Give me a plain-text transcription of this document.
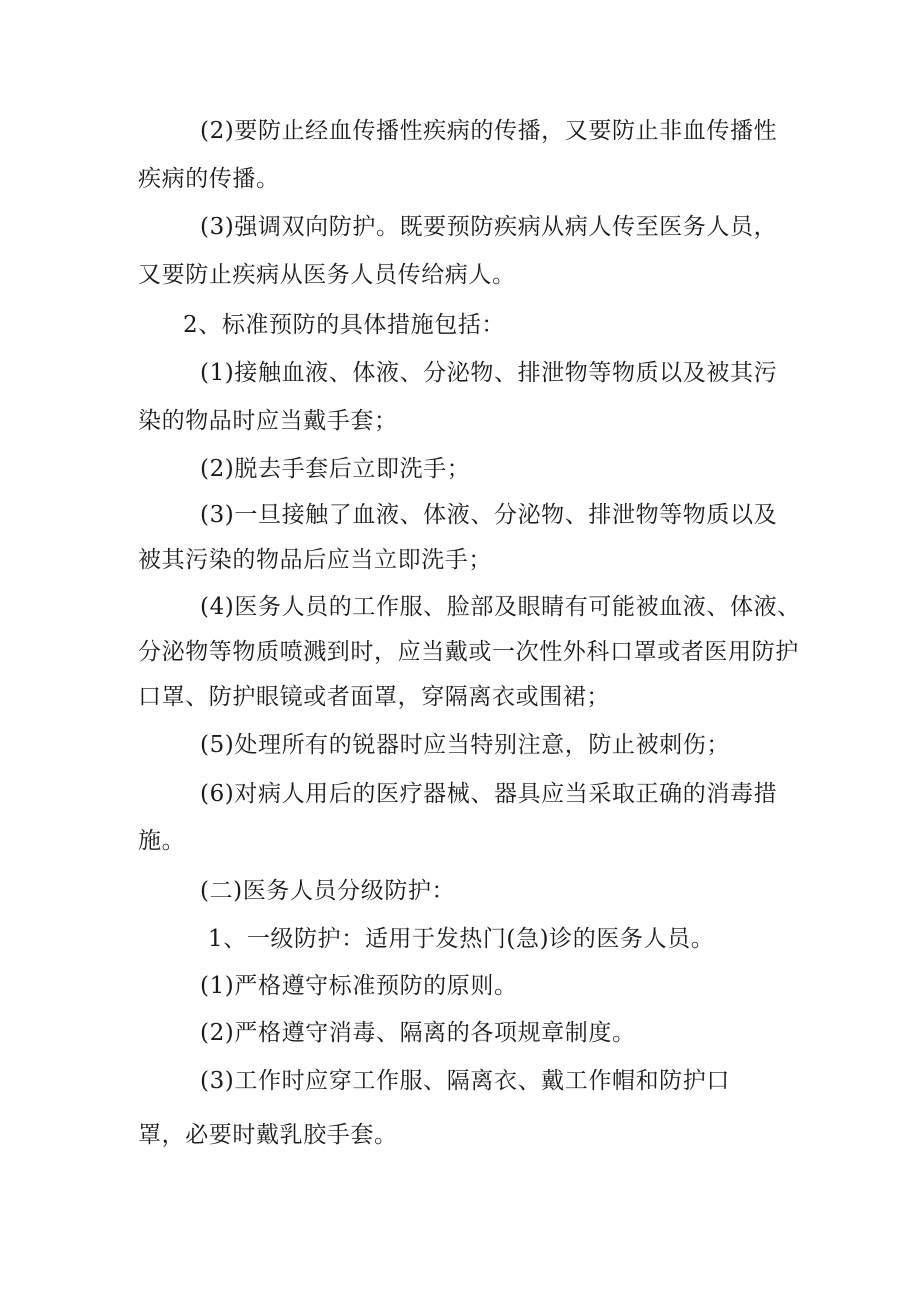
(2)要防止经血传播性疾病的传播，又要防止非血传播性
疾病的传播。
(3)强调双向防护。既要预防疾病从病人传至医务人员，
又要防止疾病从医务人员传给病人。
2、标准预防的具体措施包括：
(1)接触血液、体液、分泌物、排泄物等物质以及被其污
染的物品时应当戴手套；
(2)脱去手套后立即洗手；
(3)一旦接触了血液、体液、分泌物、排泄物等物质以及
被其污染的物品后应当立即洗手；
(4)医务人员的工作服、脸部及眼睛有可能被血液、体液、
分泌物等物质喷溅到时，应当戴或一次性外科口罩或者医用防护
口罩、防护眼镜或者面罩，穿隔离衣或围裙；
(5)处理所有的锐器时应当特别注意，防止被刺伤；
(6)对病人用后的医疗器械、器具应当采取正确的消毒措
施。
(二)医务人员分级防护：
1、一级防护：适用于发热门(急)诊的医务人员。
(1)严格遵守标准预防的原则。
(2)严格遵守消毒、隔离的各项规章制度。
(3)工作时应穿工作服、隔离衣、戴工作帽和防护口
罩，必要时戴乳胶手套。
